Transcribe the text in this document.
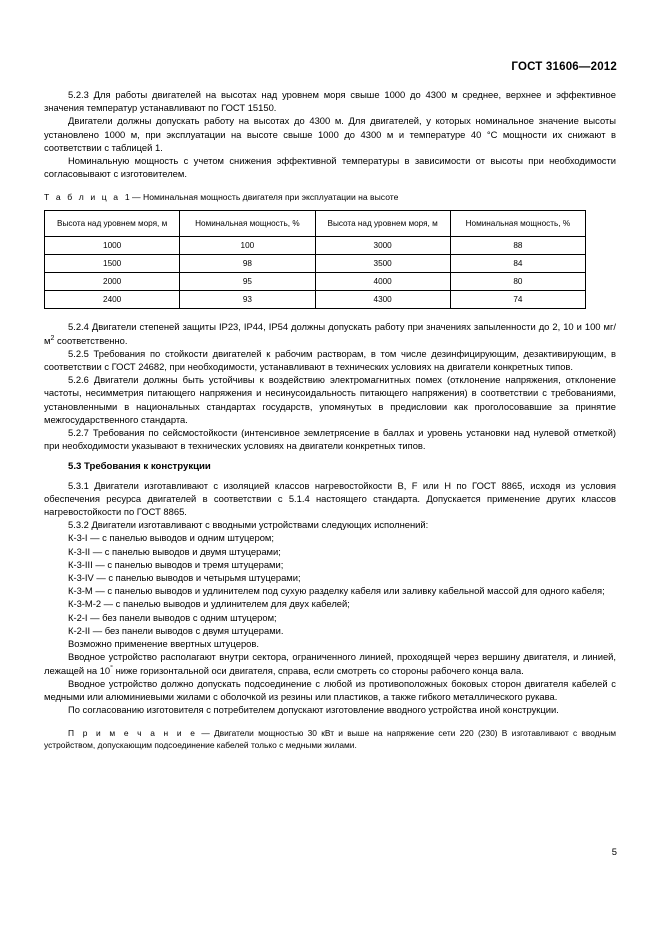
ГОСТ 31606—2012

5.2.3 Для работы двигателей на высотах над уровнем моря свыше 1000 до 4300 м среднее, верхнее и эффективное значения температур устанавливают по ГОСТ 15150.

Двигатели должны допускать работу на высотах до 4300 м. Для двигателей, у которых номинальное значение высоты установлено 1000 м, при эксплуатации на высоте свыше 1000 до 4300 м и температуре 40 °С мощности их снижают в соответствии с таблицей 1.

Номинальную мощность с учетом снижения эффективной температуры в зависимости от высоты при необходимости согласовывают с изготовителем.

Т а б л и ц а 1 — Номинальная мощность двигателя при эксплуатации на высоте

Высота над уровнем моря, м	Номинальная мощность, %	Высота над уровнем моря, м	Номинальная мощность, %
1000	100	3000	88
1500	98	3500	84
2000	95	4000	80
2400	93	4300	74

5.2.4 Двигатели степеней защиты IP23, IP44, IP54 должны допускать работу при значениях запыленности до 2, 10 и 100 $мг/м^2$ соответственно.

5.2.5 Требования по стойкости двигателей к рабочим растворам, в том числе дезинфицирующим, дезактивирующим, в соответствии с ГОСТ 24682, при необходимости, устанавливают в технических условиях на двигатели конкретных типов.

5.2.6 Двигатели должны быть устойчивы к воздействию электромагнитных помех (отклонение напряжения, отклонение частоты, несимметрия питающего напряжения и несинусоидальность питающего напряжения) в соответствии с требованиями, установленными в национальных стандартах государств, упомянутых в предисловии как проголосовавшие за принятие межгосударственного стандарта.

5.2.7 Требования по сейсмостойкости (интенсивное землетрясение в баллах и уровень установки над нулевой отметкой) при необходимости указывают в технических условиях на двигатели конкретных типов.

5.3 Требования к конструкции

5.3.1 Двигатели изготавливают с изоляцией классов нагревостойкости В, F или Н по ГОСТ 8865, исходя из условия обеспечения ресурса двигателей в соответствии с 5.1.4 настоящего стандарта. Допускается применение других классов нагревостойкости по ГОСТ 8865.

5.3.2 Двигатели изготавливают с вводными устройствами следующих исполнений:

К-3-I — с панелью выводов и одним штуцером;

К-3-II — с панелью выводов и двумя штуцерами;

К-3-III — с панелью выводов и тремя штуцерами;

К-3-IV — с панелью выводов и четырьмя штуцерами;

К-3-М — с панелью выводов и удлинителем под сухую разделку кабеля или заливку кабельной массой для одного кабеля;

К-3-М-2 — с панелью выводов и удлинителем для двух кабелей;

К-2-I — без панели выводов с одним штуцером;

К-2-II — без панели выводов с двумя штуцерами.

Возможно применение ввертных штуцеров.

Вводное устройство располагают внутри сектора, ограниченного линией, проходящей через вершину двигателя, и линией, лежащей на 10° ниже горизонтальной оси двигателя, справа, если смотреть со стороны рабочего конца вала.

Вводное устройство должно допускать подсоединение с любой из противоположных боковых сторон двигателя кабелей с медными или алюминиевыми жилами с оболочкой из резины или пластиков, а также гибкого металлического рукава.

По согласованию изготовителя с потребителем допускают изготовление вводного устройства иной конструкции.

П р и м е ч а н и е — Двигатели мощностью 30 кВт и выше на напряжение сети 220 (230) В изготавливают с вводным устройством, допускающим подсоединение кабелей только с медными жилами.

5
